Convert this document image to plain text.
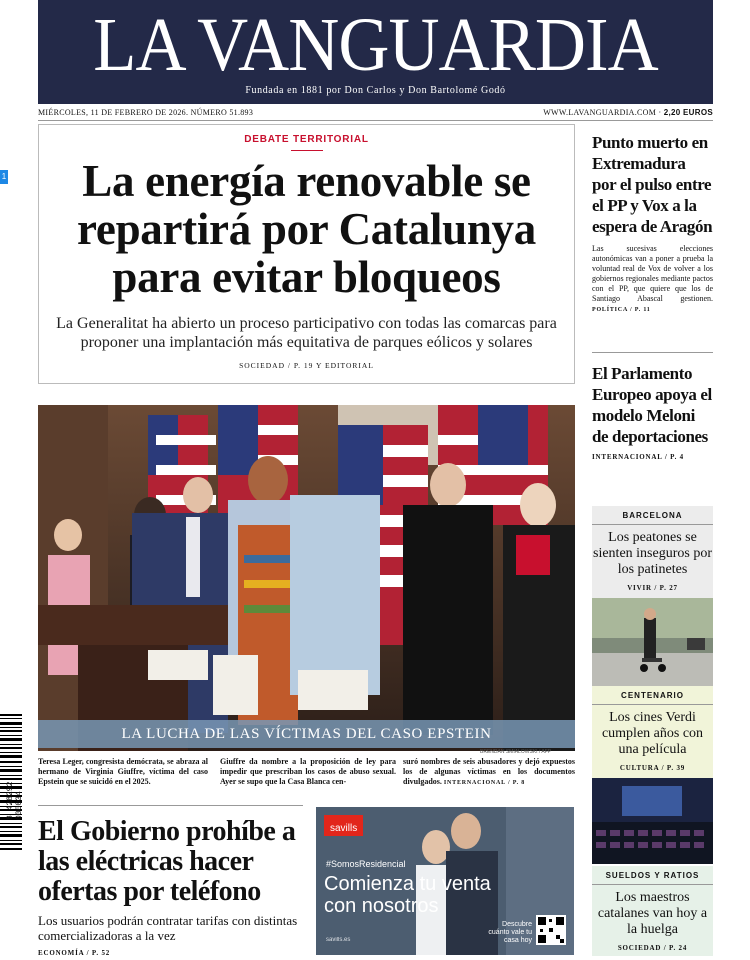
LA VANGUARDIA
Fundada en 1881 por Don Carlos y Don Bartolomé Godó
MIÉRCOLES, 11 DE FEBRERO DE 2026. NÚMERO 51.893	WWW.LAVANGUARDIA.COM · 2,20 EUROS
1
DEBATE TERRITORIAL
La energía renovable se repartirá por Catalunya para evitar bloqueos
La Generalitat ha abierto un proceso participativo con todas las comarcas para proponer una implantación más equitativa de parques eólicos y solares
SOCIEDAD / P. 19 Y EDITORIAL
LA LUCHA DE LAS VÍCTIMAS DEL CASO EPSTEIN
BRENDAN SMIALOWSKI / AFP
Teresa Leger, congresista demócrata, se abraza al hermano de Virginia Giuffre, víctima del caso Epstein que se suicidó en el 2025.
Giuffre da nombre a la proposición de ley para impedir que prescriban los casos de abuso sexual. Ayer se supo que la Casa Blanca cen-
suró nombres de seis abusadores y dejó expuestos los de algunas víctimas en los documentos divulgados. INTERNACIONAL / P. 8
Punto muerto en Extremadura por el pulso entre el PP y Vox a la espera de Aragón
Las sucesivas elecciones autonómicas van a poner a prueba la voluntad real de Vox de volver a los gobiernos regionales mediante pactos con el PP, que quiere que los de Santiago Abascal gestionen. POLÍTICA / P. 11
El Parlamento Europeo apoya el modelo Meloni de deportaciones
INTERNACIONAL / P. 4
BARCELONA
Los peatones se sienten inseguros por los patinetes
VIVIR / P. 27
CENTENARIO
Los cines Verdi cumplen años con una película
CULTURA / P. 39
SUELDOS Y RATIOS
Los maestros catalanes van hoy a la huelga
SOCIEDAD / P. 24
El Gobierno prohíbe a las eléctricas hacer ofertas por teléfono
Los usuarios podrán contratar tarifas con distintas comercializadoras a la vez
ECONOMÍA / P. 52
savills
#SomosResidencial
Comienza tu venta
con nosotros
Descubre cuánto vale tu casa hoy
savills.es
8 428292 000034
